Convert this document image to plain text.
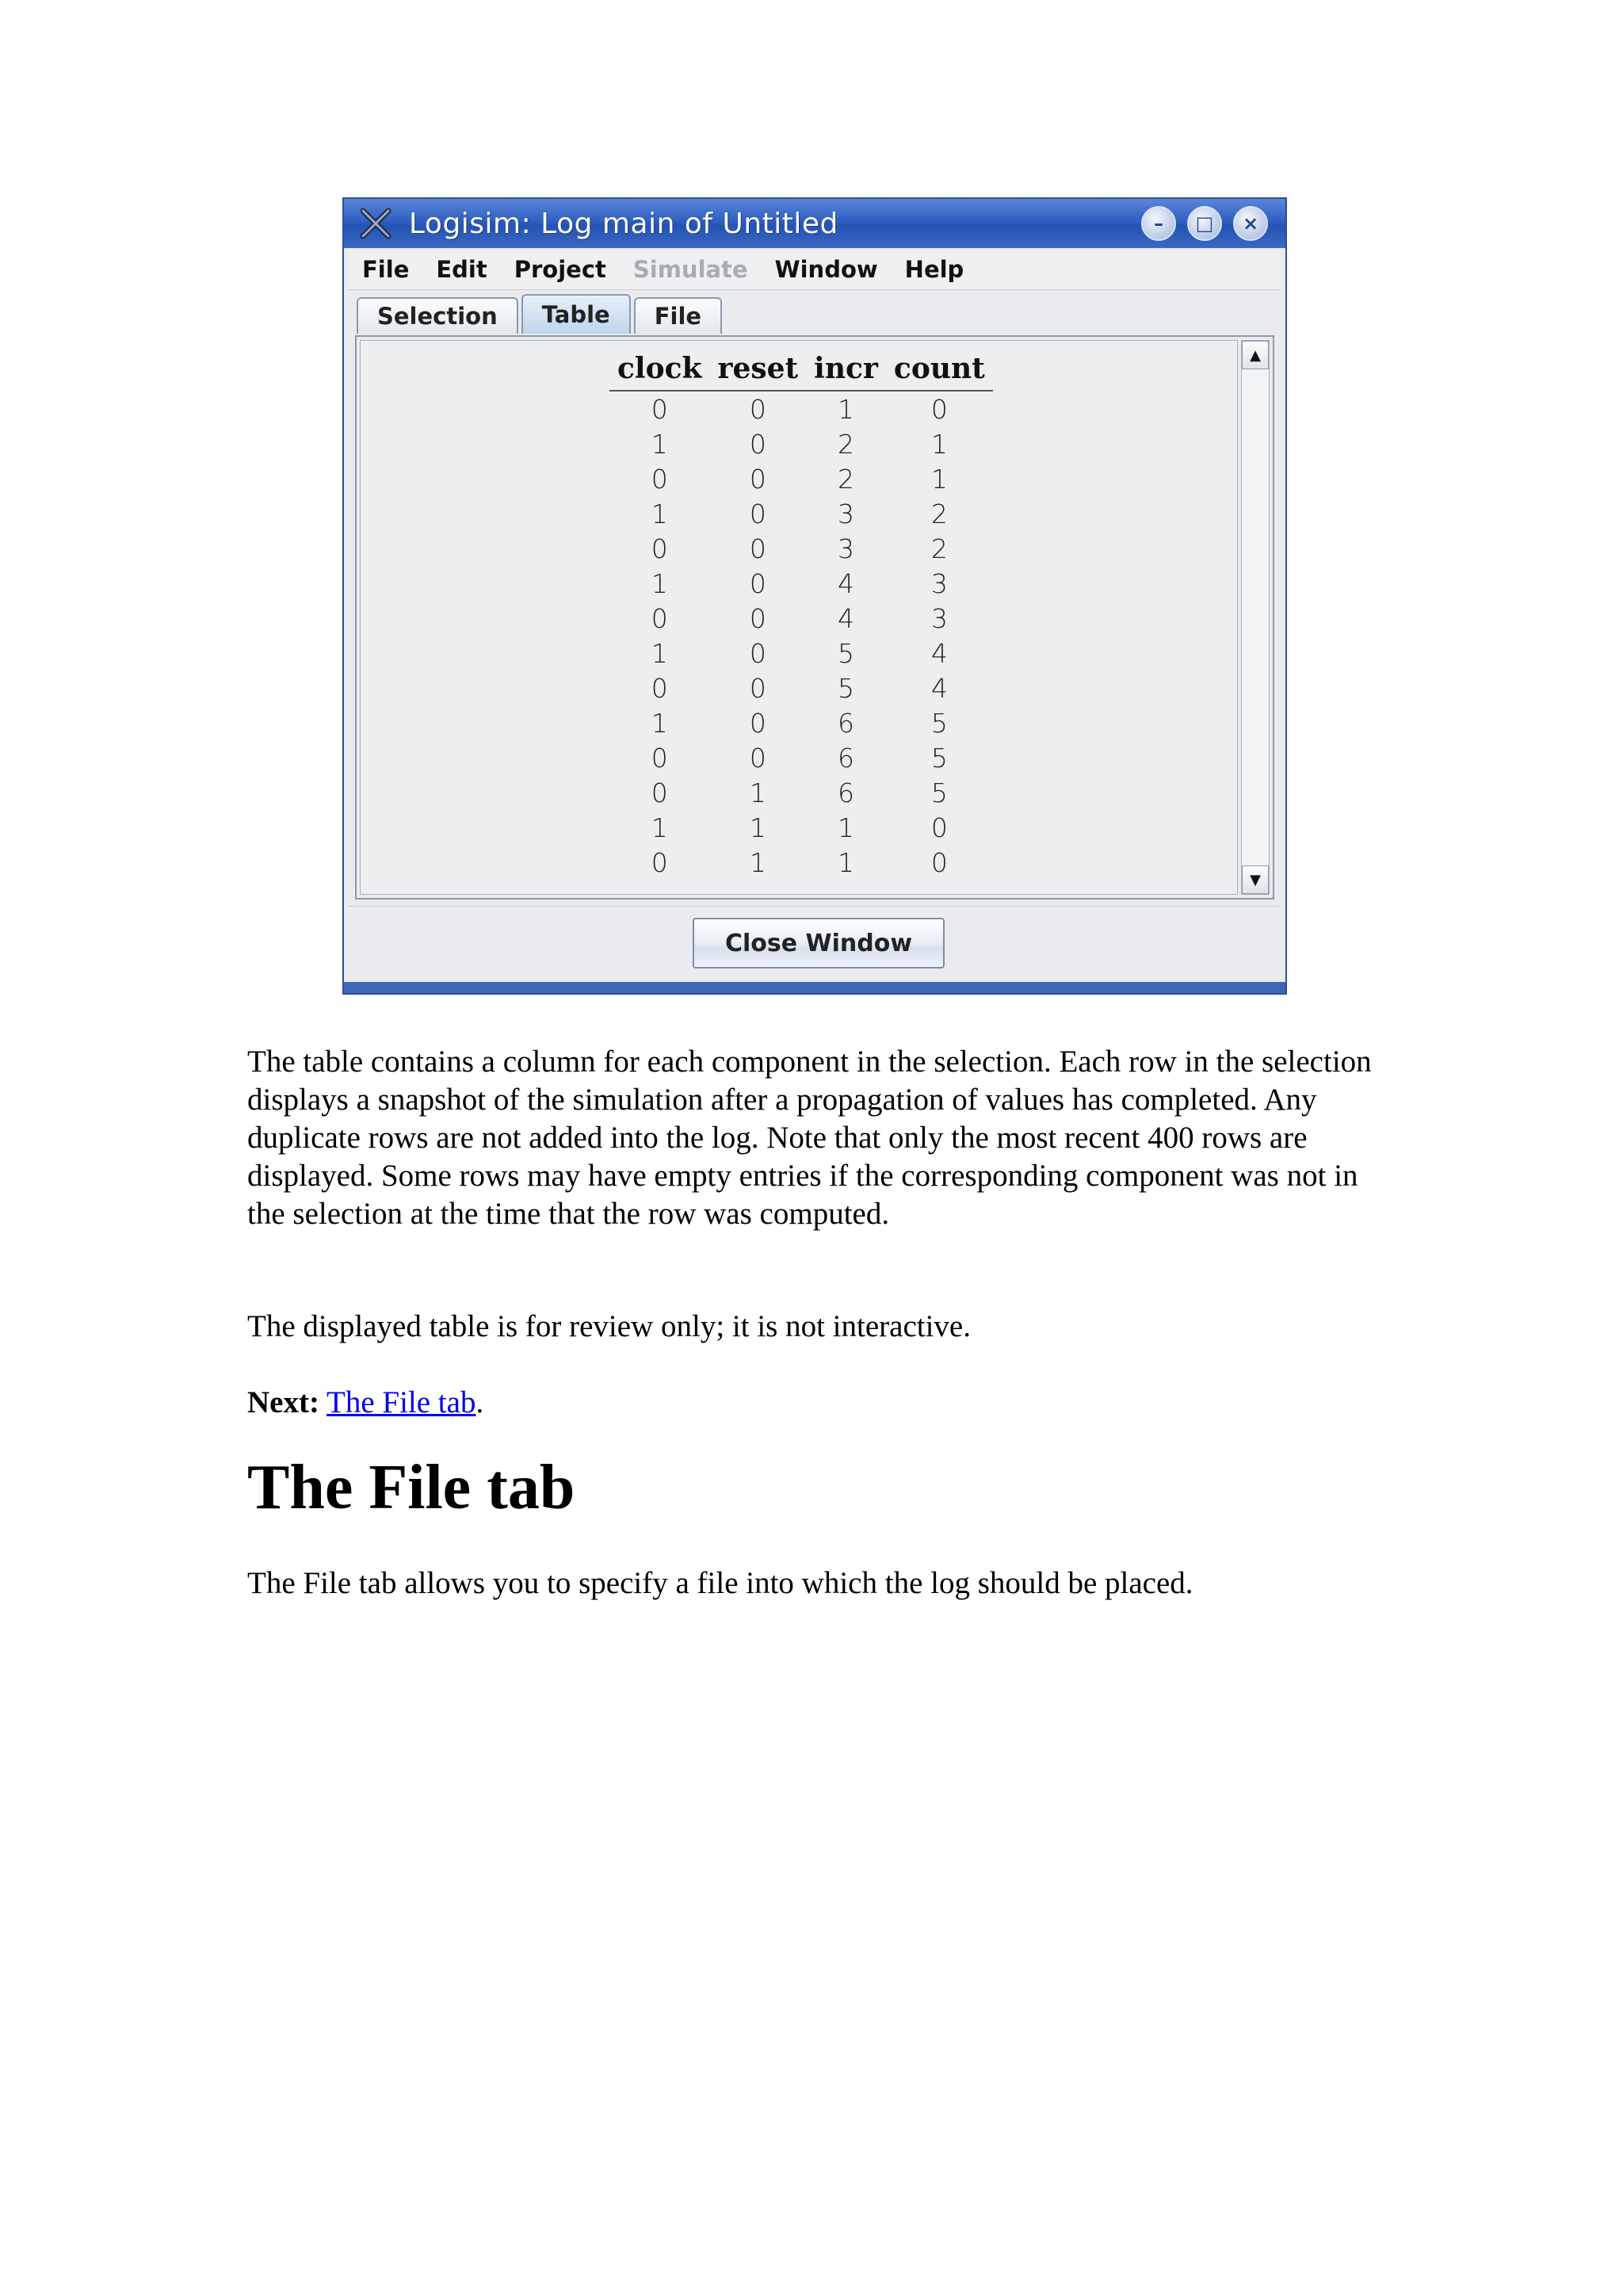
Logisim: Log main of Untitled	–	□	×
File	Edit	Project	Simulate	Window	Help
Selection	Table	File
clock	reset	incr	count
0	0	1	0
1	0	2	1
0	0	2	1
1	0	3	2
0	0	3	2
1	0	4	3
0	0	4	3
1	0	5	4
0	0	5	4
1	0	6	5
0	0	6	5
0	1	6	5
1	1	1	0
0	1	1	0
▲
▼
Close Window

The table contains a column for each component in the selection. Each row in the selection displays a snapshot of the simulation after a propagation of values has completed. Any duplicate rows are not added into the log. Note that only the most recent 400 rows are displayed. Some rows may have empty entries if the corresponding component was not in the selection at the time that the row was computed.

The displayed table is for review only; it is not interactive.

Next: The File tab.

The File tab

The File tab allows you to specify a file into which the log should be placed.
